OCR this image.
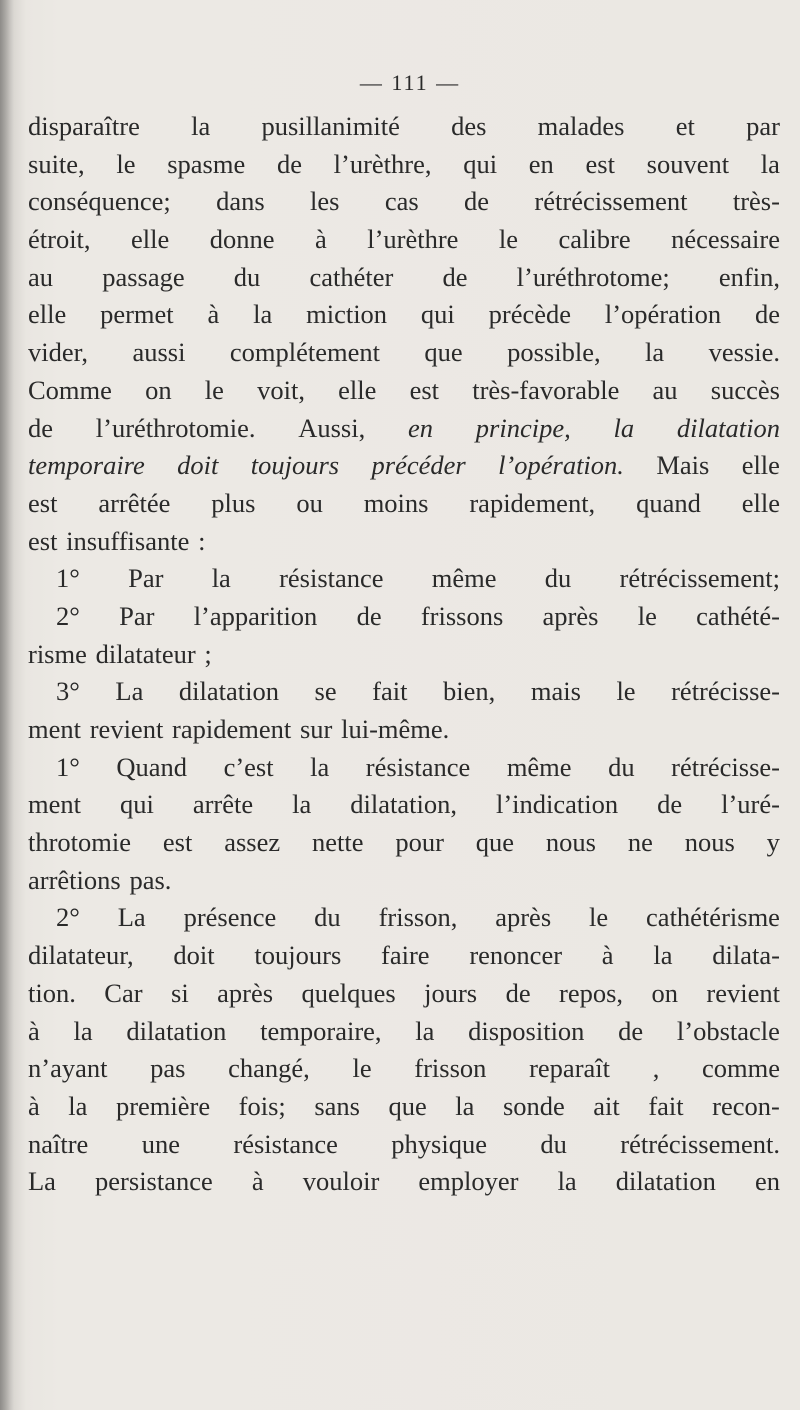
— 111 —
disparaître la pusillanimité des malades et par
suite, le spasme de l’urèthre, qui en est souvent la
conséquence; dans les cas de rétrécissement très-
étroit, elle donne à l’urèthre le calibre nécessaire
au passage du cathéter de l’uréthrotome; enfin,
elle permet à la miction qui précède l’opération de
vider, aussi complétement que possible, la vessie.
Comme on le voit, elle est très-favorable au succès
de l’uréthrotomie. Aussi, en principe, la dilatation
temporaire doit toujours précéder l’opération. Mais elle
est arrêtée plus ou moins rapidement, quand elle
est insuffisante :
1° Par la résistance même du rétrécissement;
2° Par l’apparition de frissons après le cathété-
risme dilatateur ;
3° La dilatation se fait bien, mais le rétrécisse-
ment revient rapidement sur lui-même.
1° Quand c’est la résistance même du rétrécisse-
ment qui arrête la dilatation, l’indication de l’uré-
throtomie est assez nette pour que nous ne nous y
arrêtions pas.
2° La présence du frisson, après le cathétérisme
dilatateur, doit toujours faire renoncer à la dilata-
tion. Car si après quelques jours de repos, on revient
à la dilatation temporaire, la disposition de l’obstacle
n’ayant pas changé, le frisson reparaît , comme
à la première fois; sans que la sonde ait fait recon-
naître une résistance physique du rétrécissement.
La persistance à vouloir employer la dilatation en
